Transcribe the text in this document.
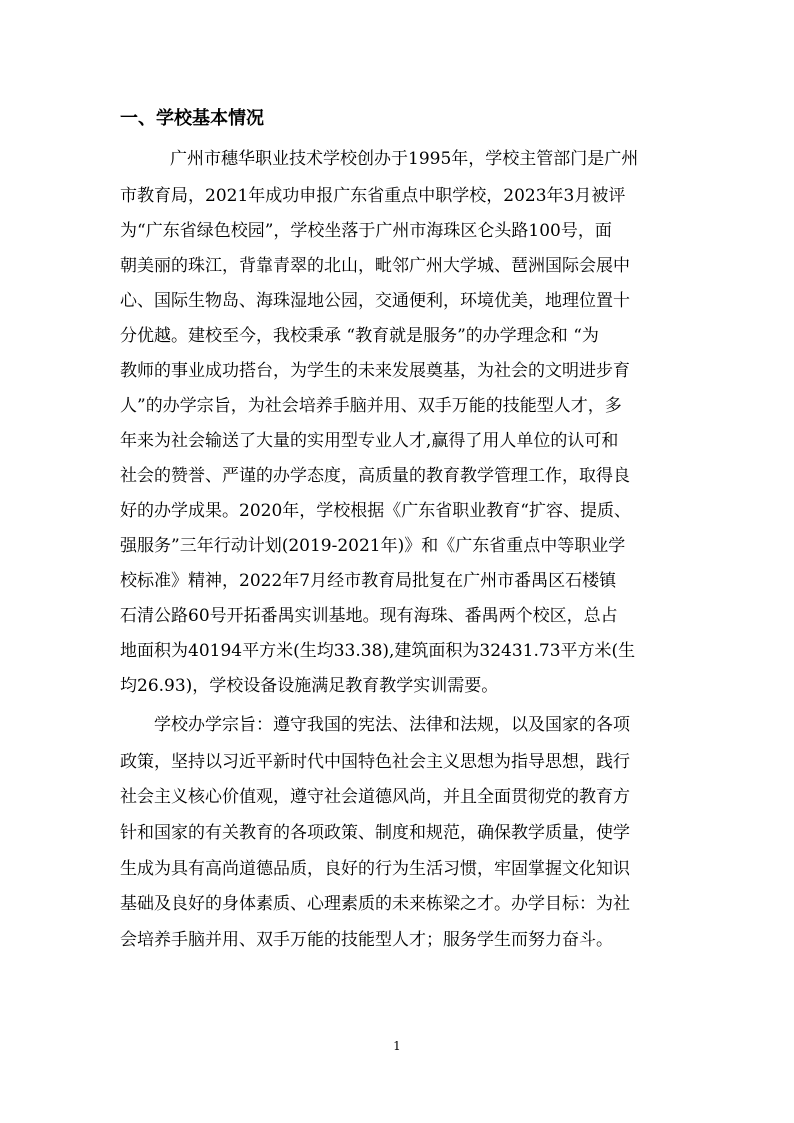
一、学校基本情况
广州市穗华职业技术学校创办于1995年，学校主管部门是广州
市教育局，2021年成功申报广东省重点中职学校，2023年3月被评
为“广东省绿色校园”，学校坐落于广州市海珠区仑头路100号，面
朝美丽的珠江，背靠青翠的北山，毗邻广州大学城、琶洲国际会展中
心、国际生物岛、海珠湿地公园，交通便利，环境优美，地理位置十
分优越。建校至今，我校秉承 “教育就是服务”的办学理念和 “为
教师的事业成功搭台，为学生的未来发展奠基，为社会的文明进步育
人”的办学宗旨，为社会培养手脑并用、双手万能的技能型人才，多
年来为社会输送了大量的实用型专业人才,赢得了用人单位的认可和
社会的赞誉、严谨的办学态度，高质量的教育教学管理工作，取得良
好的办学成果。2020年，学校根据《广东省职业教育“扩容、提质、
强服务”三年行动计划(2019-2021年)》和《广东省重点中等职业学
校标准》精神，2022年7月经市教育局批复在广州市番禺区石楼镇
石清公路60号开拓番禺实训基地。现有海珠、番禺两个校区，总占
地面积为40194平方米(生均33.38),建筑面积为32431.73平方米(生
均26.93)，学校设备设施满足教育教学实训需要。
学校办学宗旨：遵守我国的宪法、法律和法规，以及国家的各项
政策，坚持以习近平新时代中国特色社会主义思想为指导思想，践行
社会主义核心价值观，遵守社会道德风尚，并且全面贯彻党的教育方
针和国家的有关教育的各项政策、制度和规范，确保教学质量，使学
生成为具有高尚道德品质，良好的行为生活习惯，牢固掌握文化知识
基础及良好的身体素质、心理素质的未来栋梁之才。办学目标：为社
会培养手脑并用、双手万能的技能型人才；服务学生而努力奋斗。
1
